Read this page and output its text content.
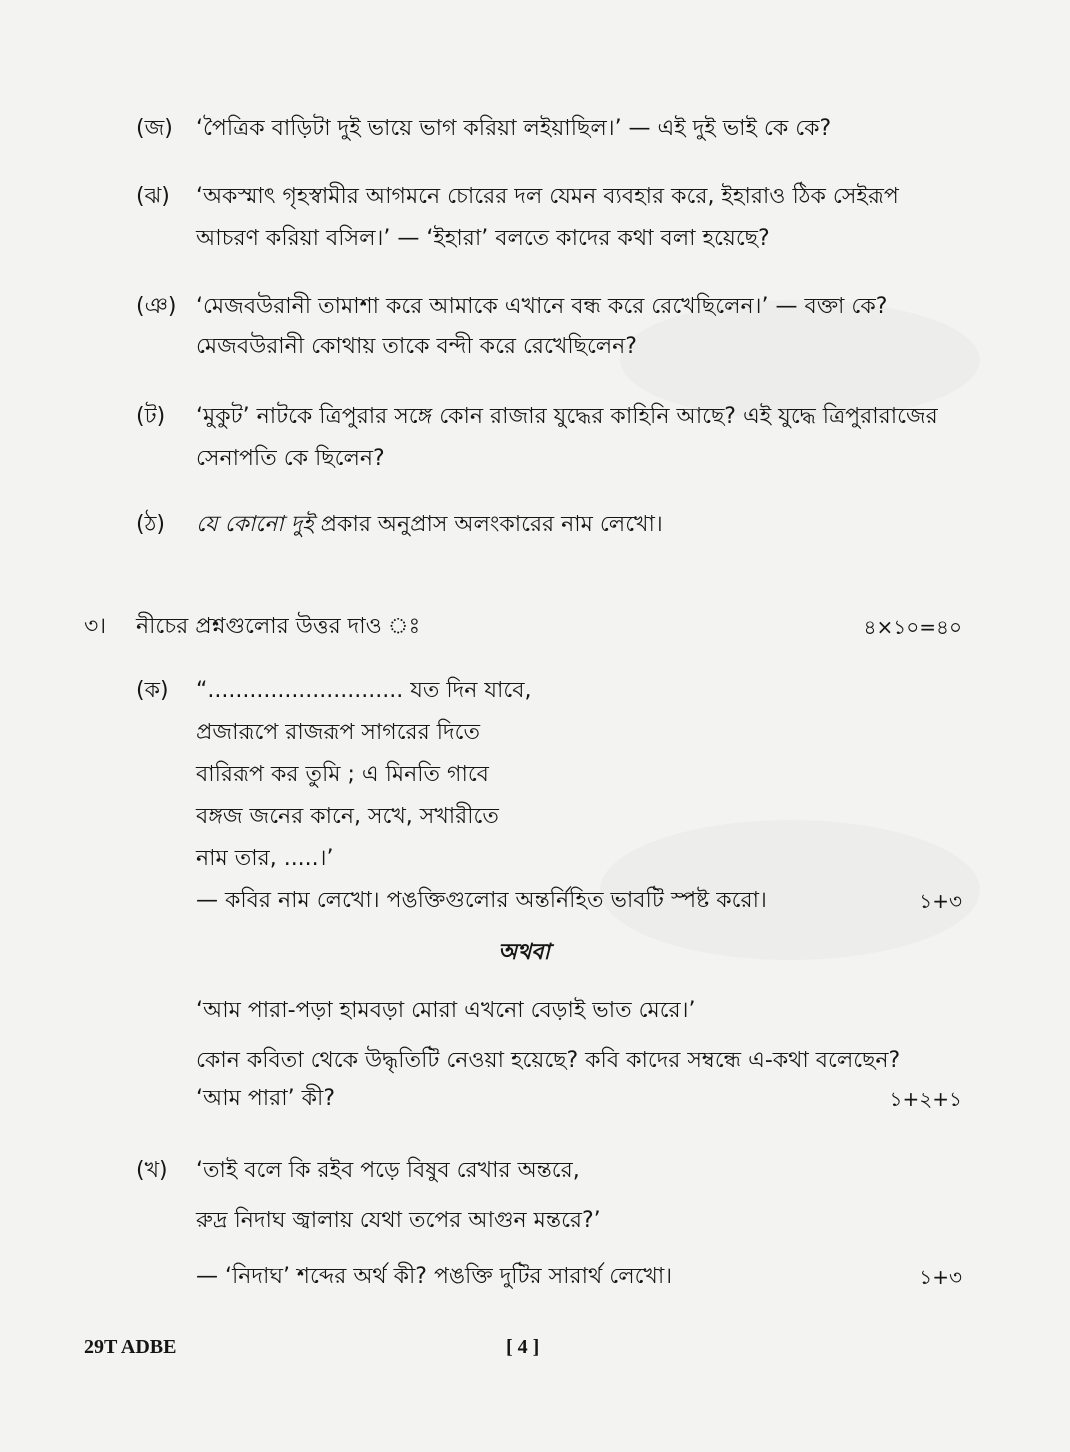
(জ) ‘পৈত্রিক বাড়িটা দুই ভায়ে ভাগ করিয়া লইয়াছিল।’ — এই দুই ভাই কে কে?
(ঝ) ‘অকস্মাৎ গৃহস্বামীর আগমনে চোরের দল যেমন ব্যবহার করে, ইহারাও ঠিক সেইরূপ
আচরণ করিয়া বসিল।’ — ‘ইহারা’ বলতে কাদের কথা বলা হয়েছে?
(ঞ) ‘মেজবউরানী তামাশা করে আমাকে এখানে বন্ধ করে রেখেছিলেন।’ — বক্তা কে?
মেজবউরানী কোথায় তাকে বন্দী করে রেখেছিলেন?
(ট) ‘মুকুট’ নাটকে ত্রিপুরার সঙ্গে কোন রাজার যুদ্ধের কাহিনি আছে? এই যুদ্ধে ত্রিপুরারাজের
সেনাপতি কে ছিলেন?
(ঠ) যে কোনো দুই প্রকার অনুপ্রাস অলংকারের নাম লেখো।
৩। নীচের প্রশ্নগুলোর উত্তর দাও ঃ	৪×১০=৪০
(ক) “............................ যত দিন যাবে,
প্রজারূপে রাজরূপ সাগরের দিতে
বারিরূপ কর তুমি ; এ মিনতি গাবে
বঙ্গজ জনের কানে, সখে, সখারীতে
নাম তার, .....।’
— কবির নাম লেখো। পঙক্তিগুলোর অন্তর্নিহিত ভাবটি স্পষ্ট করো।	১+৩
অথবা
‘আম পারা-পড়া হামবড়া মোরা এখনো বেড়াই ভাত মেরে।’
কোন কবিতা থেকে উদ্ধৃতিটি নেওয়া হয়েছে? কবি কাদের সম্বন্ধে এ-কথা বলেছেন?
‘আম পারা’ কী?	১+২+১
(খ) ‘তাই বলে কি রইব পড়ে বিষুব রেখার অন্তরে,
রুদ্র নিদাঘ জ্বালায় যেথা তপের আগুন মন্তরে?’
— ‘নিদাঘ’ শব্দের অর্থ কী? পঙক্তি দুটির সারার্থ লেখো।	১+৩
29T ADBE	[ 4 ]
